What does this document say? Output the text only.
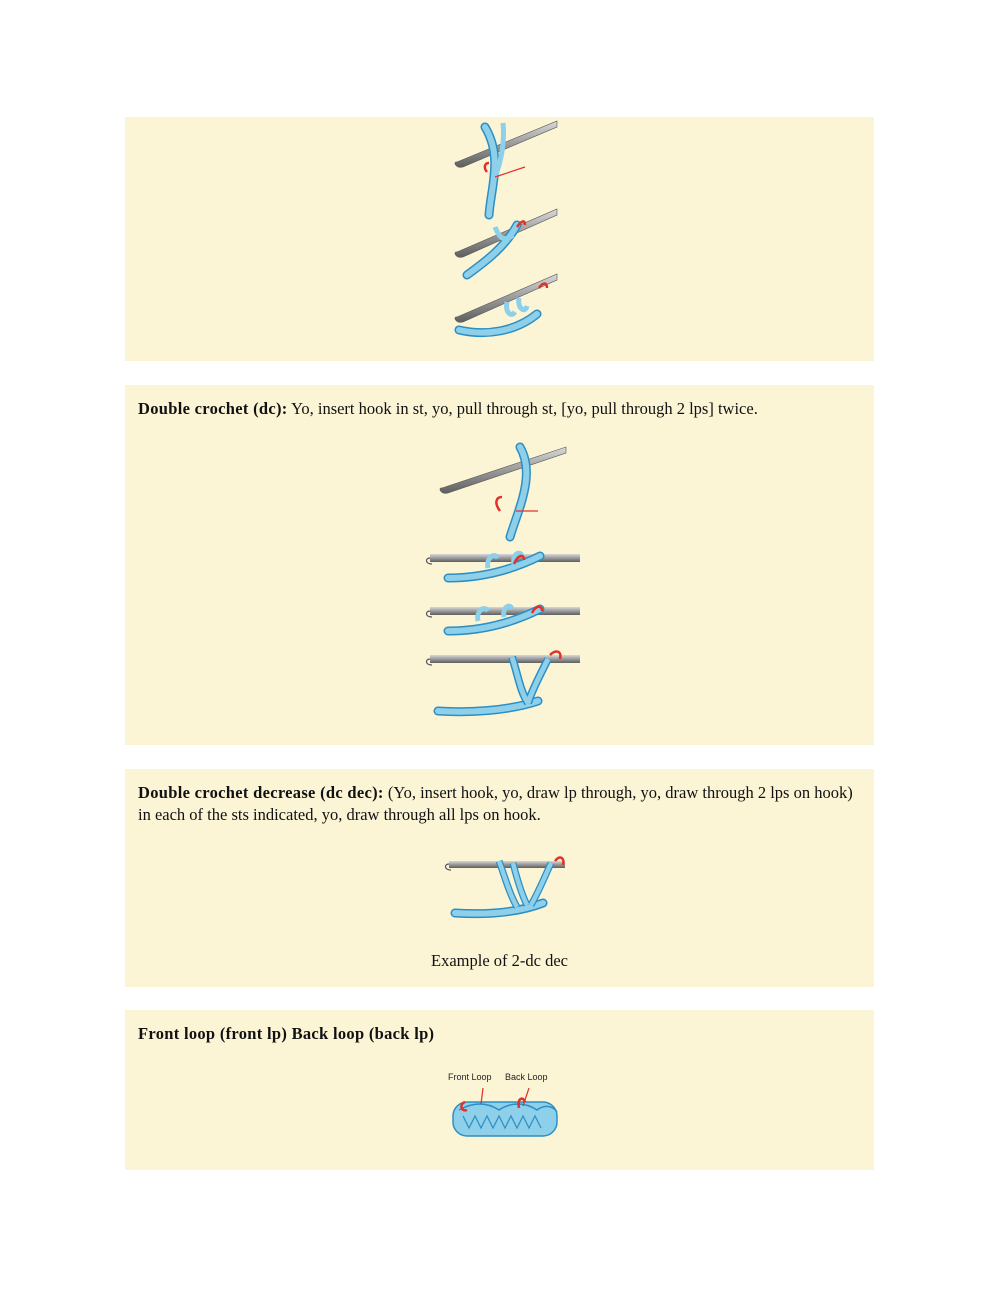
Double crochet (dc): Yo, insert hook in st, yo, pull through st, [yo, pull through 2 lps] twice.
Double crochet decrease (dc dec): (Yo, insert hook, yo, draw lp through, yo, draw through 2 lps on hook) in each of the sts indicated, yo, draw through all lps on hook.
Example of 2-dc dec
Front loop (front lp) Back loop (back lp)
Front Loop Back Loop
